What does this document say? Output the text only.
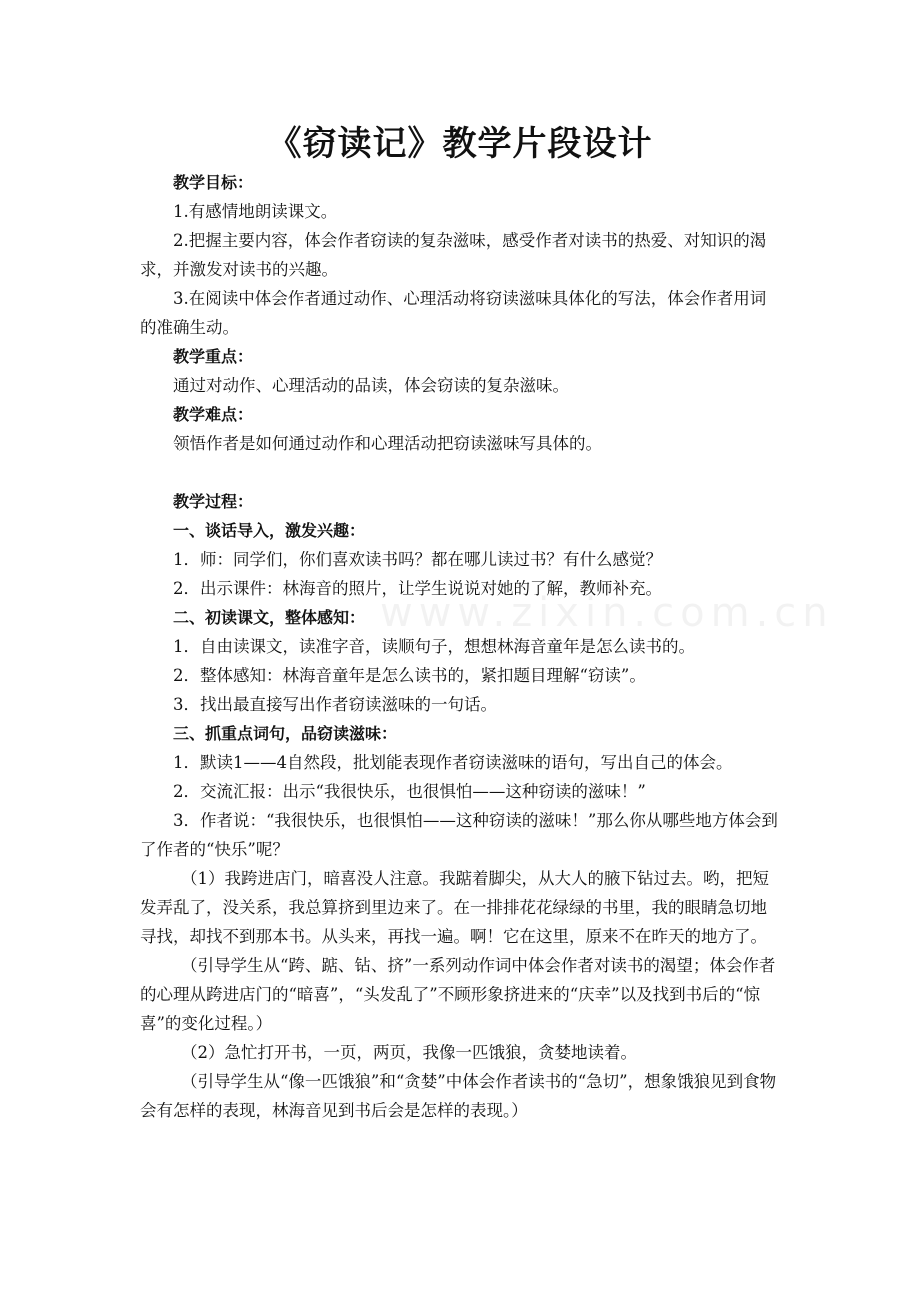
《窃读记》教学片段设计

教学目标：

1.有感情地朗读课文。

2.把握主要内容，体会作者窃读的复杂滋味，感受作者对读书的热爱、对知识的渴求，并激发对读书的兴趣。

3.在阅读中体会作者通过动作、心理活动将窃读滋味具体化的写法，体会作者用词的准确生动。

教学重点：

通过对动作、心理活动的品读，体会窃读的复杂滋味。

教学难点：

领悟作者是如何通过动作和心理活动把窃读滋味写具体的。

教学过程：

一、谈话导入，激发兴趣：

1．师：同学们，你们喜欢读书吗？都在哪儿读过书？有什么感觉？

2．出示课件：林海音的照片，让学生说说对她的了解，教师补充。

二、初读课文，整体感知：

1．自由读课文，读准字音，读顺句子，想想林海音童年是怎么读书的。

2．整体感知：林海音童年是怎么读书的，紧扣题目理解“窃读”。

3．找出最直接写出作者窃读滋味的一句话。

三、抓重点词句，品窃读滋味：

1．默读1——4自然段，批划能表现作者窃读滋味的语句，写出自己的体会。

2．交流汇报：出示“我很快乐，也很惧怕——这种窃读的滋味！”

3．作者说：“我很快乐，也很惧怕——这种窃读的滋味！”那么你从哪些地方体会到了作者的“快乐”呢？

（1）我跨进店门，暗喜没人注意。我踮着脚尖，从大人的腋下钻过去。哟，把短发弄乱了，没关系，我总算挤到里边来了。在一排排花花绿绿的书里，我的眼睛急切地寻找，却找不到那本书。从头来，再找一遍。啊！它在这里，原来不在昨天的地方了。

（引导学生从“跨、踮、钻、挤”一系列动作词中体会作者对读书的渴望；体会作者的心理从跨进店门的“暗喜”，“头发乱了”不顾形象挤进来的“庆幸”以及找到书后的“惊喜”的变化过程。）

（2）急忙打开书，一页，两页，我像一匹饿狼，贪婪地读着。

（引导学生从“像一匹饿狼”和“贪婪”中体会作者读书的“急切”，想象饿狼见到食物会有怎样的表现，林海音见到书后会是怎样的表现。）

www.zixin.com.cn
